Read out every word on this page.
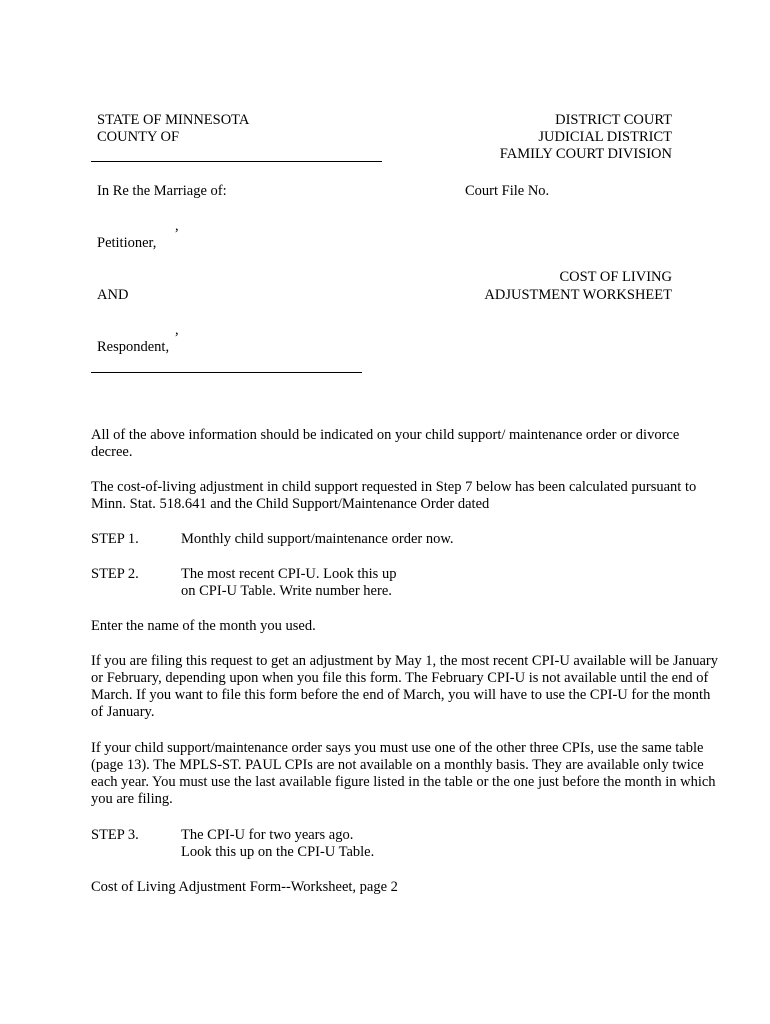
STATE OF MINNESOTA
COUNTY OF
DISTRICT COURT
JUDICIAL DISTRICT
FAMILY COURT DIVISION
In Re the Marriage of:	Court File No.
,
Petitioner,
COST OF LIVING
AND	ADJUSTMENT WORKSHEET
,
Respondent,
All of the above information should be indicated on your child support/ maintenance order or divorce decree.
The cost-of-living adjustment in child support requested in Step 7 below has been calculated pursuant to Minn. Stat. 518.641 and the Child Support/Maintenance Order dated
STEP 1.	Monthly child support/maintenance order now.
STEP 2.	The most recent CPI-U. Look this up
on CPI-U Table. Write number here.
Enter the name of the month you used.
If you are filing this request to get an adjustment by May 1, the most recent CPI-U available will be January or February, depending upon when you file this form. The February CPI-U is not available until the end of March. If you want to file this form before the end of March, you will have to use the CPI-U for the month of January.
If your child support/maintenance order says you must use one of the other three CPIs, use the same table (page 13). The MPLS-ST. PAUL CPIs are not available on a monthly basis. They are available only twice each year. You must use the last available figure listed in the table or the one just before the month in which you are filing.
STEP 3.	The CPI-U for two years ago.
Look this up on the CPI-U Table.
Cost of Living Adjustment Form--Worksheet, page 2
